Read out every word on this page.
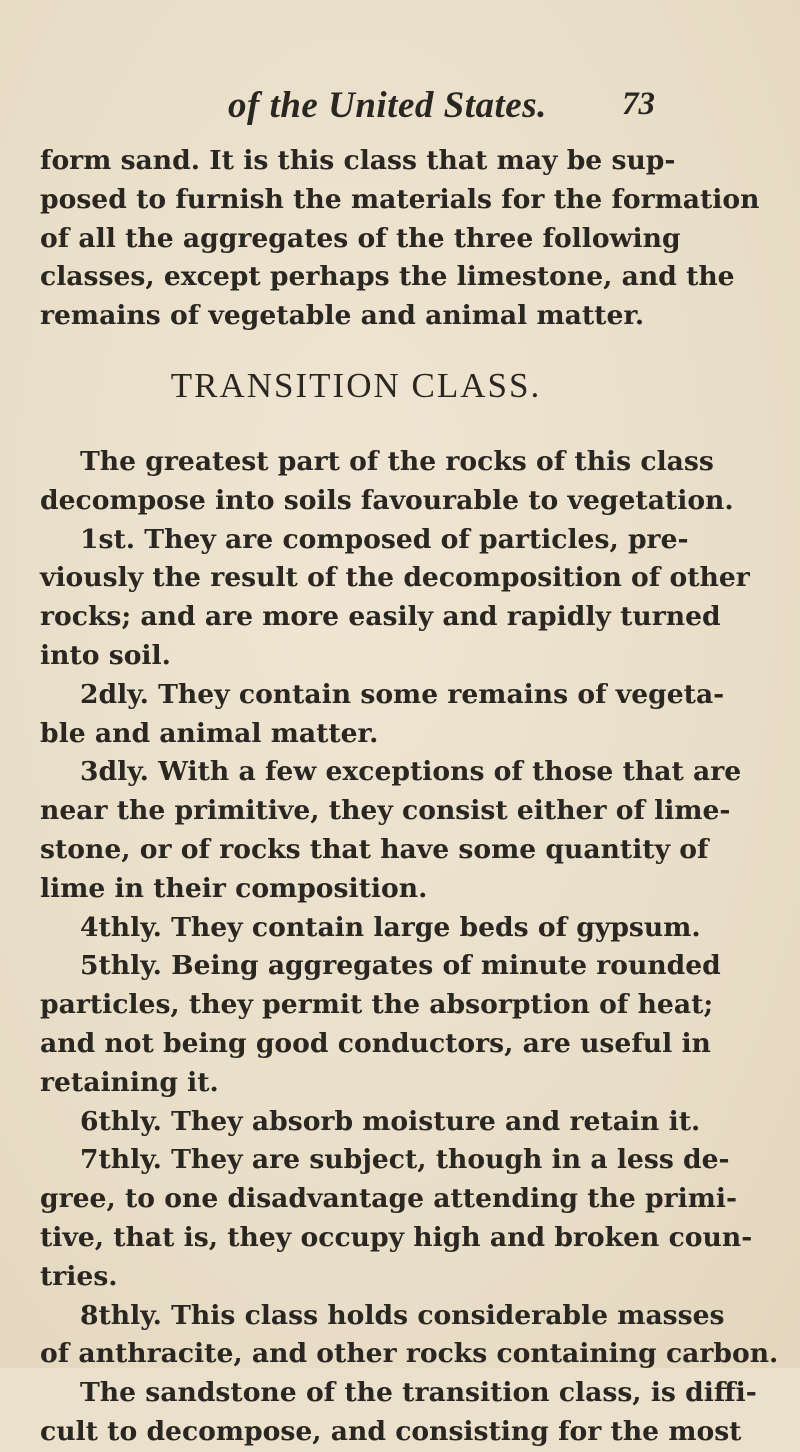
of the United States. 73
form sand. It is this class that may be sup-
posed to furnish the materials for the formation
of all the aggregates of the three following
classes, except perhaps the limestone, and the
remains of vegetable and animal matter.
TRANSITION CLASS.
The greatest part of the rocks of this class
decompose into soils favourable to vegetation.
1st. They are composed of particles, pre-
viously the result of the decomposition of other
rocks; and are more easily and rapidly turned
into soil.
2dly. They contain some remains of vegeta-
ble and animal matter.
3dly. With a few exceptions of those that are
near the primitive, they consist either of lime-
stone, or of rocks that have some quantity of
lime in their composition.
4thly. They contain large beds of gypsum.
5thly. Being aggregates of minute rounded
particles, they permit the absorption of heat;
and not being good conductors, are useful in
retaining it.
6thly. They absorb moisture and retain it.
7thly. They are subject, though in a less de-
gree, to one disadvantage attending the primi-
tive, that is, they occupy high and broken coun-
tries.
8thly. This class holds considerable masses
of anthracite, and other rocks containing carbon.
The sandstone of the transition class, is diffi-
cult to decompose, and consisting for the most
